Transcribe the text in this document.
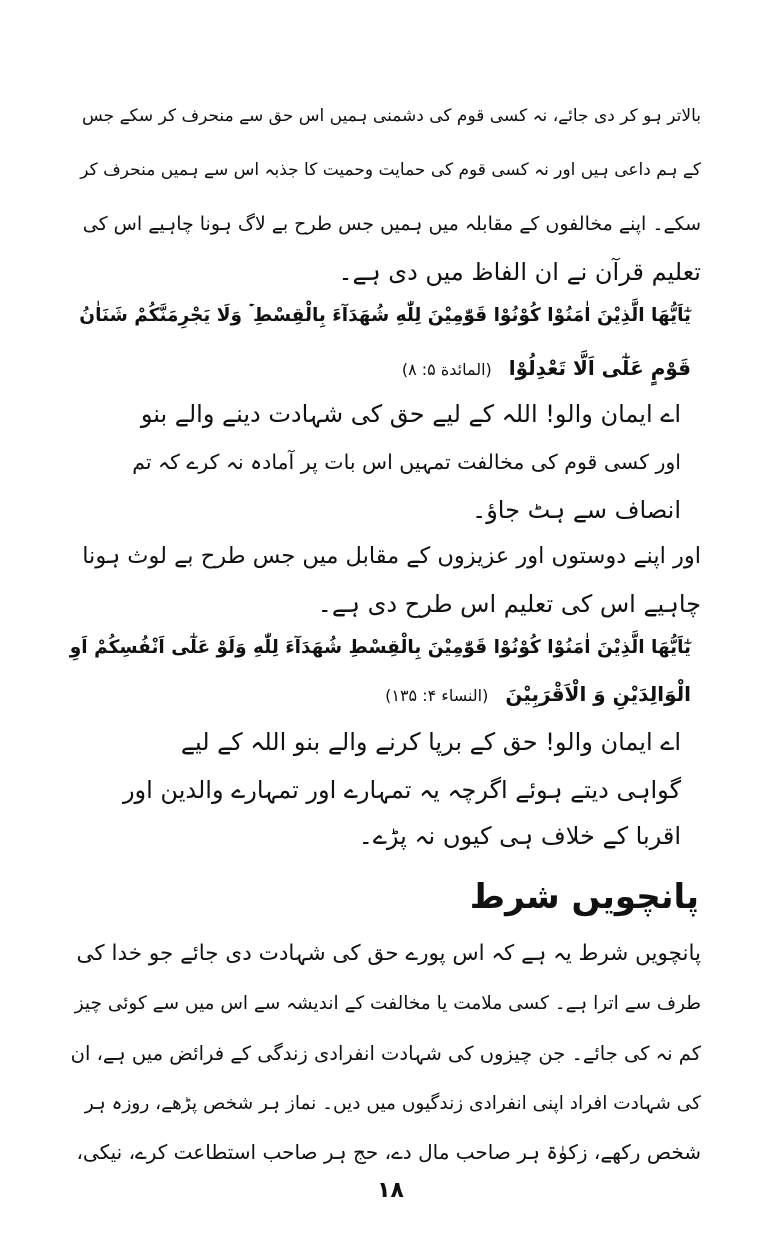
بالاتر ہو کر دی جائے، نہ کسی قوم کی دشمنی ہمیں اس حق سے منحرف کر سکے جس
کے ہم داعی ہیں اور نہ کسی قوم کی حمایت وحمیت کا جذبہ اس سے ہمیں منحرف کر
سکے۔ اپنے مخالفوں کے مقابلہ میں ہمیں جس طرح بے لاگ ہونا چاہیے اس کی
تعلیم قرآن نے ان الفاظ میں دی ہے۔
يٰٓاَيُّهَا الَّذِيْنَ اٰمَنُوْا كُوْنُوْا قَوّٰمِيْنَ لِلّٰهِ شُهَدَآءَ بِالْقِسْطِ ۡ وَلَا يَجْرِمَنَّكُمْ شَنَاٰنُ
قَوْمٍ عَلٰٓى اَلَّا تَعْدِلُوْا (المائدة ۵: ۸)
اے ایمان والو! اللہ کے لیے حق کی شہادت دینے والے بنو
اور کسی قوم کی مخالفت تمہیں اس بات پر آمادہ نہ کرے کہ تم
انصاف سے ہٹ جاؤ۔
اور اپنے دوستوں اور عزیزوں کے مقابل میں جس طرح بے لوث ہونا
چاہیے اس کی تعلیم اس طرح دی ہے۔
يٰٓاَيُّهَا الَّذِيْنَ اٰمَنُوْا كُوْنُوْا قَوّٰمِيْنَ بِالْقِسْطِ شُهَدَآءَ لِلّٰهِ وَلَوْ عَلٰٓى اَنْفُسِكُمْ اَوِ
الْوَالِدَيْنِ وَ الْاَقْرَبِيْنَ (النساء ۴: ۱۳۵)
اے ایمان والو! حق کے برپا کرنے والے بنو اللہ کے لیے
گواہی دیتے ہوئے اگرچہ یہ تمہارے اور تمہارے والدین اور
اقربا کے خلاف ہی کیوں نہ پڑے۔
پانچویں شرط
پانچویں شرط یہ ہے کہ اس پورے حق کی شہادت دی جائے جو خدا کی
طرف سے اترا ہے۔ کسی ملامت یا مخالفت کے اندیشہ سے اس میں سے کوئی چیز
کم نہ کی جائے۔ جن چیزوں کی شہادت انفرادی زندگی کے فرائض میں ہے، ان
کی شہادت افراد اپنی انفرادی زندگیوں میں دیں۔ نماز ہر شخص پڑھے، روزہ ہر
شخص رکھے، زکوٰۃ ہر صاحب مال دے، حج ہر صاحب استطاعت کرے، نیکی،
۱۸
